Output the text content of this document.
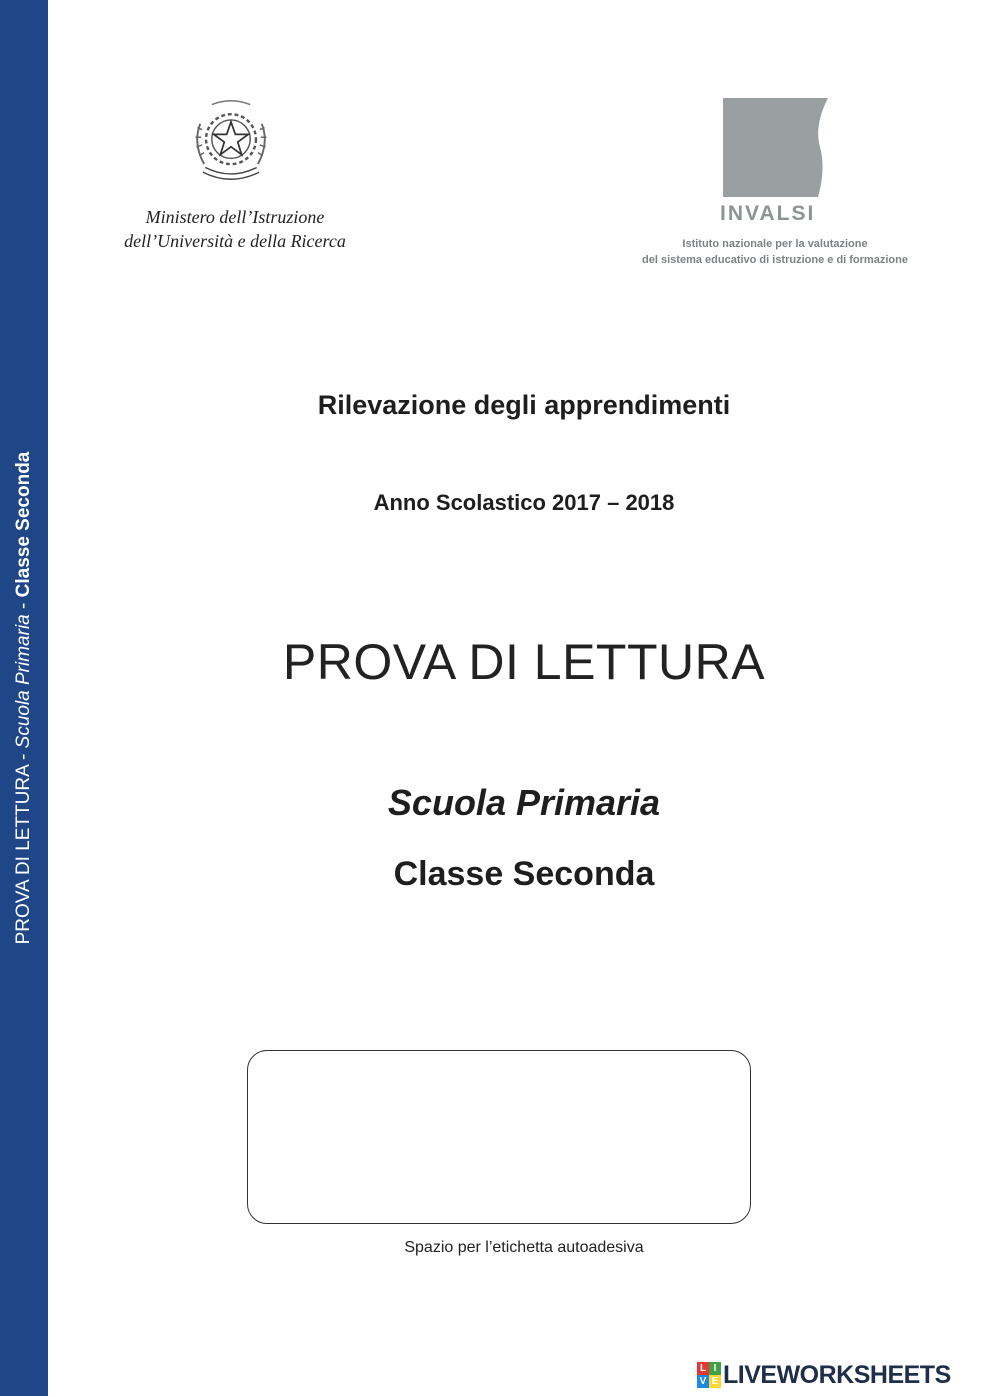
PROVA DI LETTURA - Scuola Primaria - Classe Seconda
Ministero dell’Istruzione
dell’Università e della Ricerca
INVALSI
Istituto nazionale per la valutazione
del sistema educativo di istruzione e di formazione
Rilevazione degli apprendimenti
Anno Scolastico 2017 – 2018
PROVA DI LETTURA
Scuola Primaria
Classe Seconda
Spazio per l’etichetta autoadesiva
L I
V E LIVEWORKSHEETS
